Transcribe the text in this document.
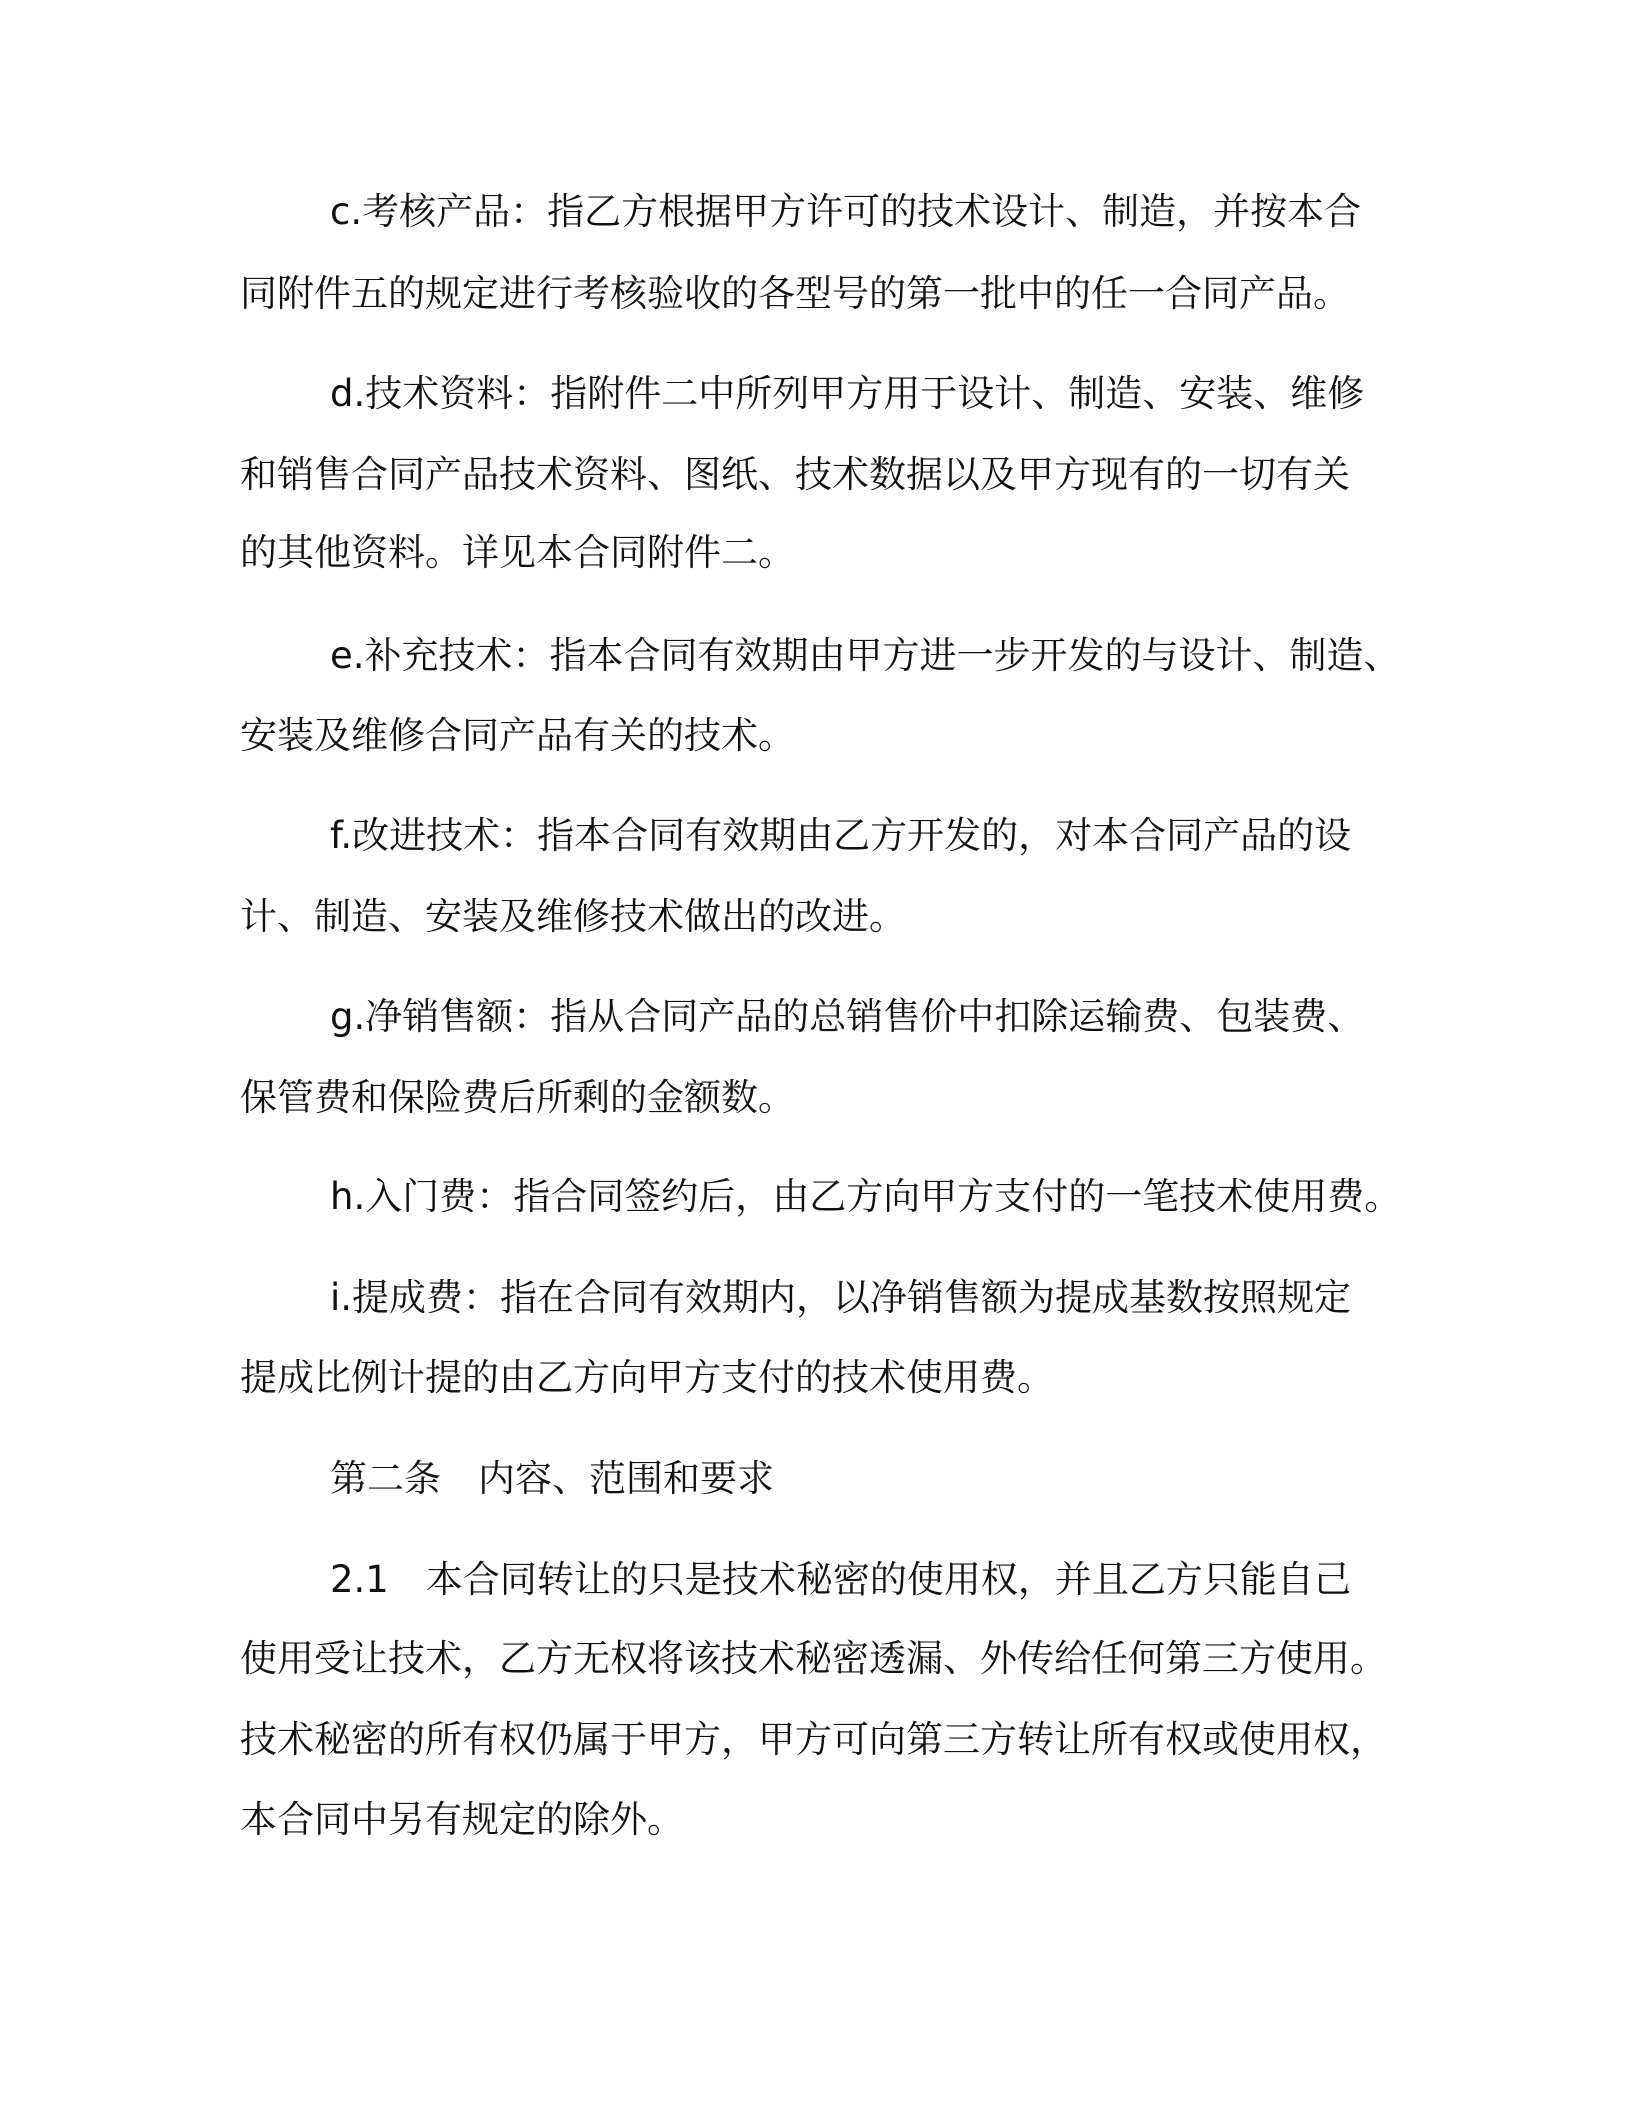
c.考核产品：指乙方根据甲方许可的技术设计、制造，并按本合

同附件五的规定进行考核验收的各型号的第一批中的任一合同产品。

d.技术资料：指附件二中所列甲方用于设计、制造、安装、维修

和销售合同产品技术资料、图纸、技术数据以及甲方现有的一切有关

的其他资料。详见本合同附件二。

e.补充技术：指本合同有效期由甲方进一步开发的与设计、制造、

安装及维修合同产品有关的技术。

f.改进技术：指本合同有效期由乙方开发的，对本合同产品的设

计、制造、安装及维修技术做出的改进。

g.净销售额：指从合同产品的总销售价中扣除运输费、包装费、

保管费和保险费后所剩的金额数。

h.入门费：指合同签约后，由乙方向甲方支付的一笔技术使用费。

i.提成费：指在合同有效期内，以净销售额为提成基数按照规定

提成比例计提的由乙方向甲方支付的技术使用费。

第二条　内容、范围和要求

2.1　本合同转让的只是技术秘密的使用权，并且乙方只能自己

使用受让技术，乙方无权将该技术秘密透漏、外传给任何第三方使用。

技术秘密的所有权仍属于甲方，甲方可向第三方转让所有权或使用权，

本合同中另有规定的除外。
